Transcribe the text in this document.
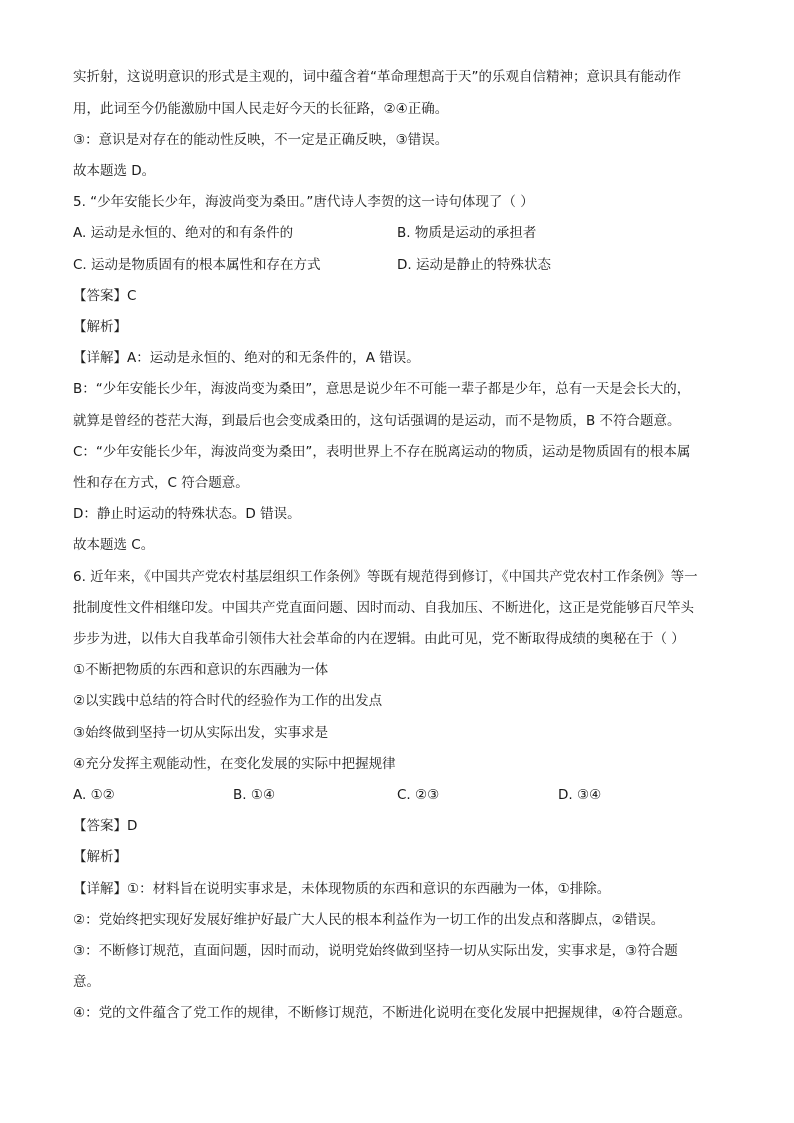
实折射，这说明意识的形式是主观的，词中蕴含着“革命理想高于天”的乐观自信精神；意识具有能动作

用，此词至今仍能激励中国人民走好今天的长征路，②④正确。

③：意识是对存在的能动性反映，不一定是正确反映，③错误。

故本题选 D。

5. “少年安能长少年，海波尚变为桑田。”唐代诗人李贺的这一诗句体现了（ ）

A. 运动是永恒的、绝对的和有条件的	B. 物质是运动的承担者

C. 运动是物质固有的根本属性和存在方式	D. 运动是静止的特殊状态

【答案】C

【解析】

【详解】A：运动是永恒的、绝对的和无条件的，A 错误。

B：“少年安能长少年，海波尚变为桑田”，意思是说少年不可能一辈子都是少年，总有一天是会长大的，

就算是曾经的苍茫大海，到最后也会变成桑田的，这句话强调的是运动，而不是物质，B 不符合题意。

C：“少年安能长少年，海波尚变为桑田”，表明世界上不存在脱离运动的物质，运动是物质固有的根本属

性和存在方式，C 符合题意。

D：静止时运动的特殊状态。D 错误。

故本题选 C。

6. 近年来，《中国共产党农村基层组织工作条例》等既有规范得到修订，《中国共产党农村工作条例》等一

批制度性文件相继印发。中国共产党直面问题、因时而动、自我加压、不断进化，这正是党能够百尺竿头

步步为进，以伟大自我革命引领伟大社会革命的内在逻辑。由此可见，党不断取得成绩的奥秘在于（ ）

①不断把物质的东西和意识的东西融为一体

②以实践中总结的符合时代的经验作为工作的出发点

③始终做到坚持一切从实际出发，实事求是

④充分发挥主观能动性，在变化发展的实际中把握规律

A. ①②	B. ①④	C. ②③	D. ③④

【答案】D

【解析】

【详解】①：材料旨在说明实事求是，未体现物质的东西和意识的东西融为一体，①排除。

②：党始终把实现好发展好维护好最广大人民的根本利益作为一切工作的出发点和落脚点，②错误。

③：不断修订规范，直面问题，因时而动，说明党始终做到坚持一切从实际出发，实事求是，③符合题

意。

④：党的文件蕴含了党工作的规律，不断修订规范，不断进化说明在变化发展中把握规律，④符合题意。
